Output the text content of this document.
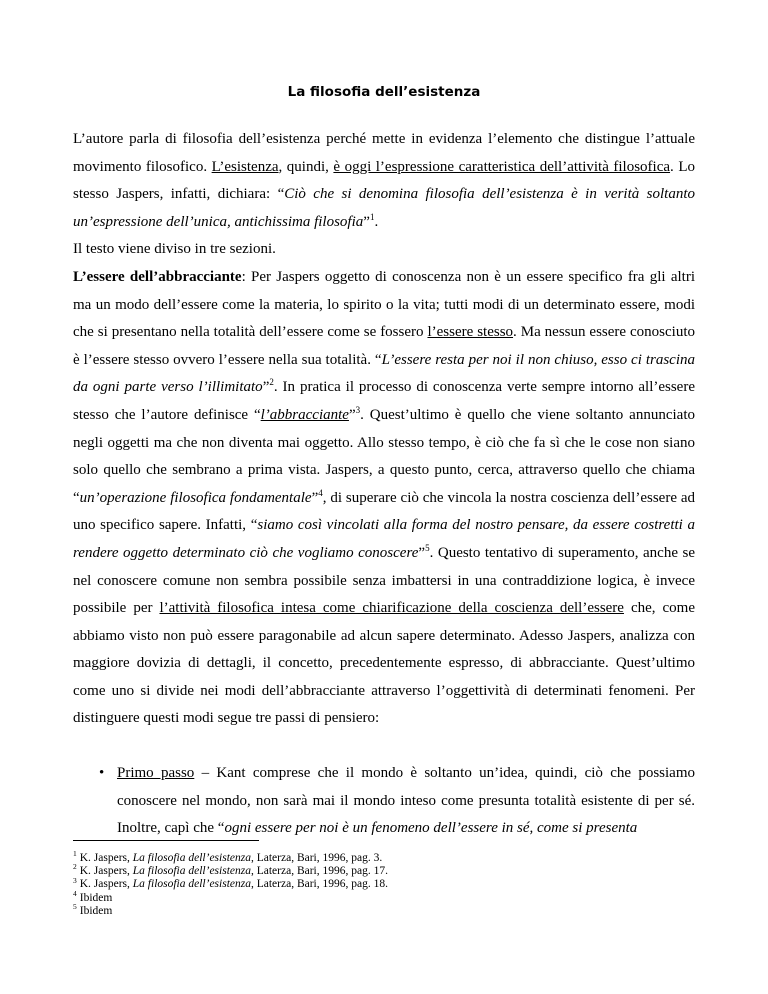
La filosofia dell’esistenza

L’autore parla di filosofia dell’esistenza perché mette in evidenza l’elemento che distingue l’attuale movimento filosofico. L’esistenza, quindi, è oggi l’espressione caratteristica dell’attività filosofica. Lo stesso Jaspers, infatti, dichiara: “Ciò che si denomina filosofia dell’esistenza è in verità soltanto un’espressione dell’unica, antichissima filosofia”$^1$.

Il testo viene diviso in tre sezioni.

L’essere dell’abbracciante: Per Jaspers oggetto di conoscenza non è un essere specifico fra gli altri ma un modo dell’essere come la materia, lo spirito o la vita; tutti modi di un determinato essere, modi che si presentano nella totalità dell’essere come se fossero l’essere stesso. Ma nessun essere conosciuto è l’essere stesso ovvero l’essere nella sua totalità. “L’essere resta per noi il non chiuso, esso ci trascina da ogni parte verso l’illimitato”$^2$. In pratica il processo di conoscenza verte sempre intorno all’essere stesso che l’autore definisce “l’abbracciante”$^3$. Quest’ultimo è quello che viene soltanto annunciato negli oggetti ma che non diventa mai oggetto. Allo stesso tempo, è ciò che fa sì che le cose non siano solo quello che sembrano a prima vista. Jaspers, a questo punto, cerca, attraverso quello che chiama “un’operazione filosofica fondamentale”$^4$, di superare ciò che vincola la nostra coscienza dell’essere ad uno specifico sapere. Infatti, “siamo così vincolati alla forma del nostro pensare, da essere costretti a rendere oggetto determinato ciò che vogliamo conoscere”$^5$. Questo tentativo di superamento, anche se nel conoscere comune non sembra possibile senza imbattersi in una contraddizione logica, è invece possibile per l’attività filosofica intesa come chiarificazione della coscienza dell’essere che, come abbiamo visto non può essere paragonabile ad alcun sapere determinato. Adesso Jaspers, analizza con maggiore dovizia di dettagli, il concetto, precedentemente espresso, di abbracciante. Quest’ultimo come uno si divide nei modi dell’abbracciante attraverso l’oggettività di determinati fenomeni. Per distinguere questi modi segue tre passi di pensiero:

• Primo passo – Kant comprese che il mondo è soltanto un’idea, quindi, ciò che possiamo conoscere nel mondo, non sarà mai il mondo inteso come presunta totalità esistente di per sé. Inoltre, capì che “ogni essere per noi è un fenomeno dell’essere in sé, come si presenta

$^1$ K. Jaspers, La filosofia dell’esistenza, Laterza, Bari, 1996, pag. 3.
$^2$ K. Jaspers, La filosofia dell’esistenza, Laterza, Bari, 1996, pag. 17.
$^3$ K. Jaspers, La filosofia dell’esistenza, Laterza, Bari, 1996, pag. 18.
$^4$ Ibidem
$^5$ Ibidem
